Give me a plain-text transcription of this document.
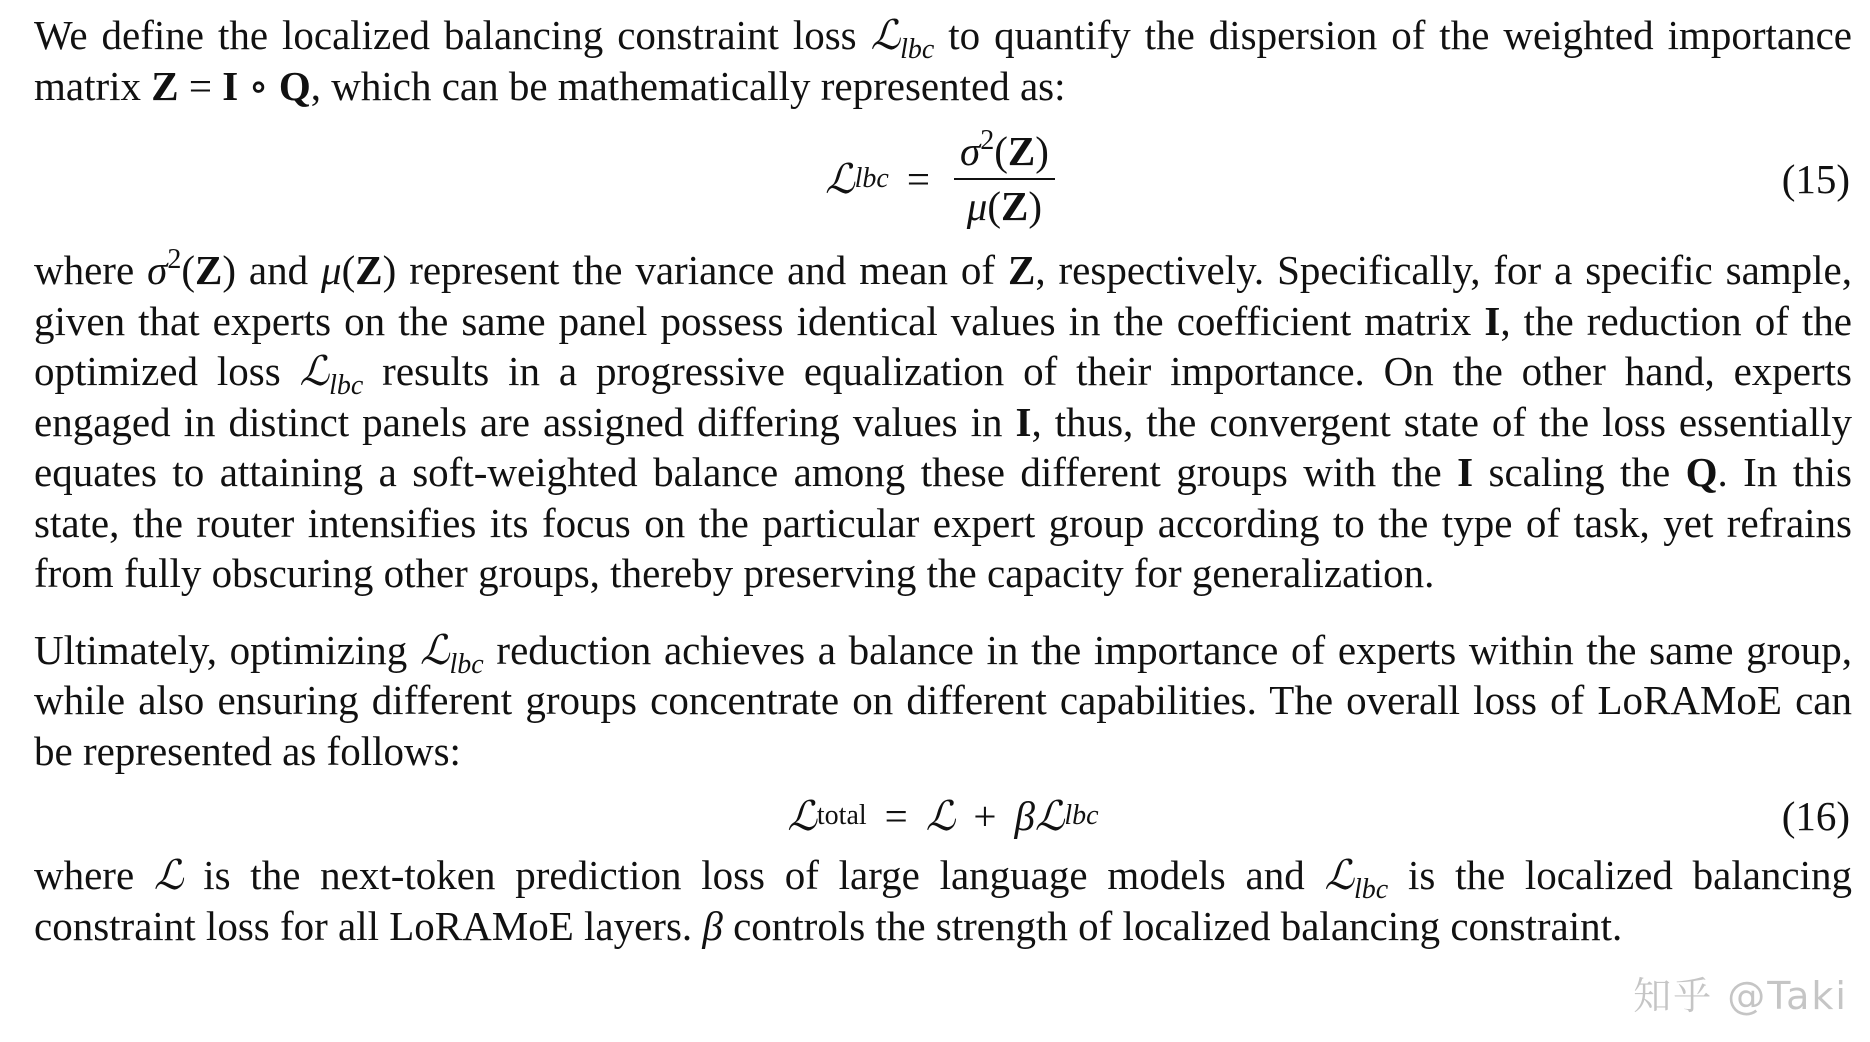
We define the localized balancing constraint loss ℒ$_{lbc}$ to quantify the dispersion of the weighted importance matrix Z = I ∘ Q, which can be mathematically represented as:

ℒ lbc = $\frac{\sigma^2(Z)}{\mu(Z)}$	(15)

where $\sigma^2(Z)$ and μ(Z) represent the variance and mean of Z, respectively. Specifically, for a specific sample, given that experts on the same panel possess identical values in the coefficient matrix I, the reduction of the optimized loss ℒ$_{lbc}$ results in a progressive equalization of their importance. On the other hand, experts engaged in distinct panels are assigned differing values in I, thus, the convergent state of the loss essentially equates to attaining a soft-weighted balance among these different groups with the I scaling the Q. In this state, the router intensifies its focus on the particular expert group according to the type of task, yet refrains from fully obscuring other groups, thereby preserving the capacity for generalization.

Ultimately, optimizing ℒ$_{lbc}$ reduction achieves a balance in the importance of experts within the same group, while also ensuring different groups concentrate on different capabilities. The overall loss of LoRAMoE can be represented as follows:

ℒ total = ℒ + β ℒ lbc	(16)

where ℒ is the next-token prediction loss of large language models and ℒ$_{lbc}$ is the localized balancing constraint loss for all LoRAMoE layers. β controls the strength of localized balancing constraint.

知乎 @Taki
